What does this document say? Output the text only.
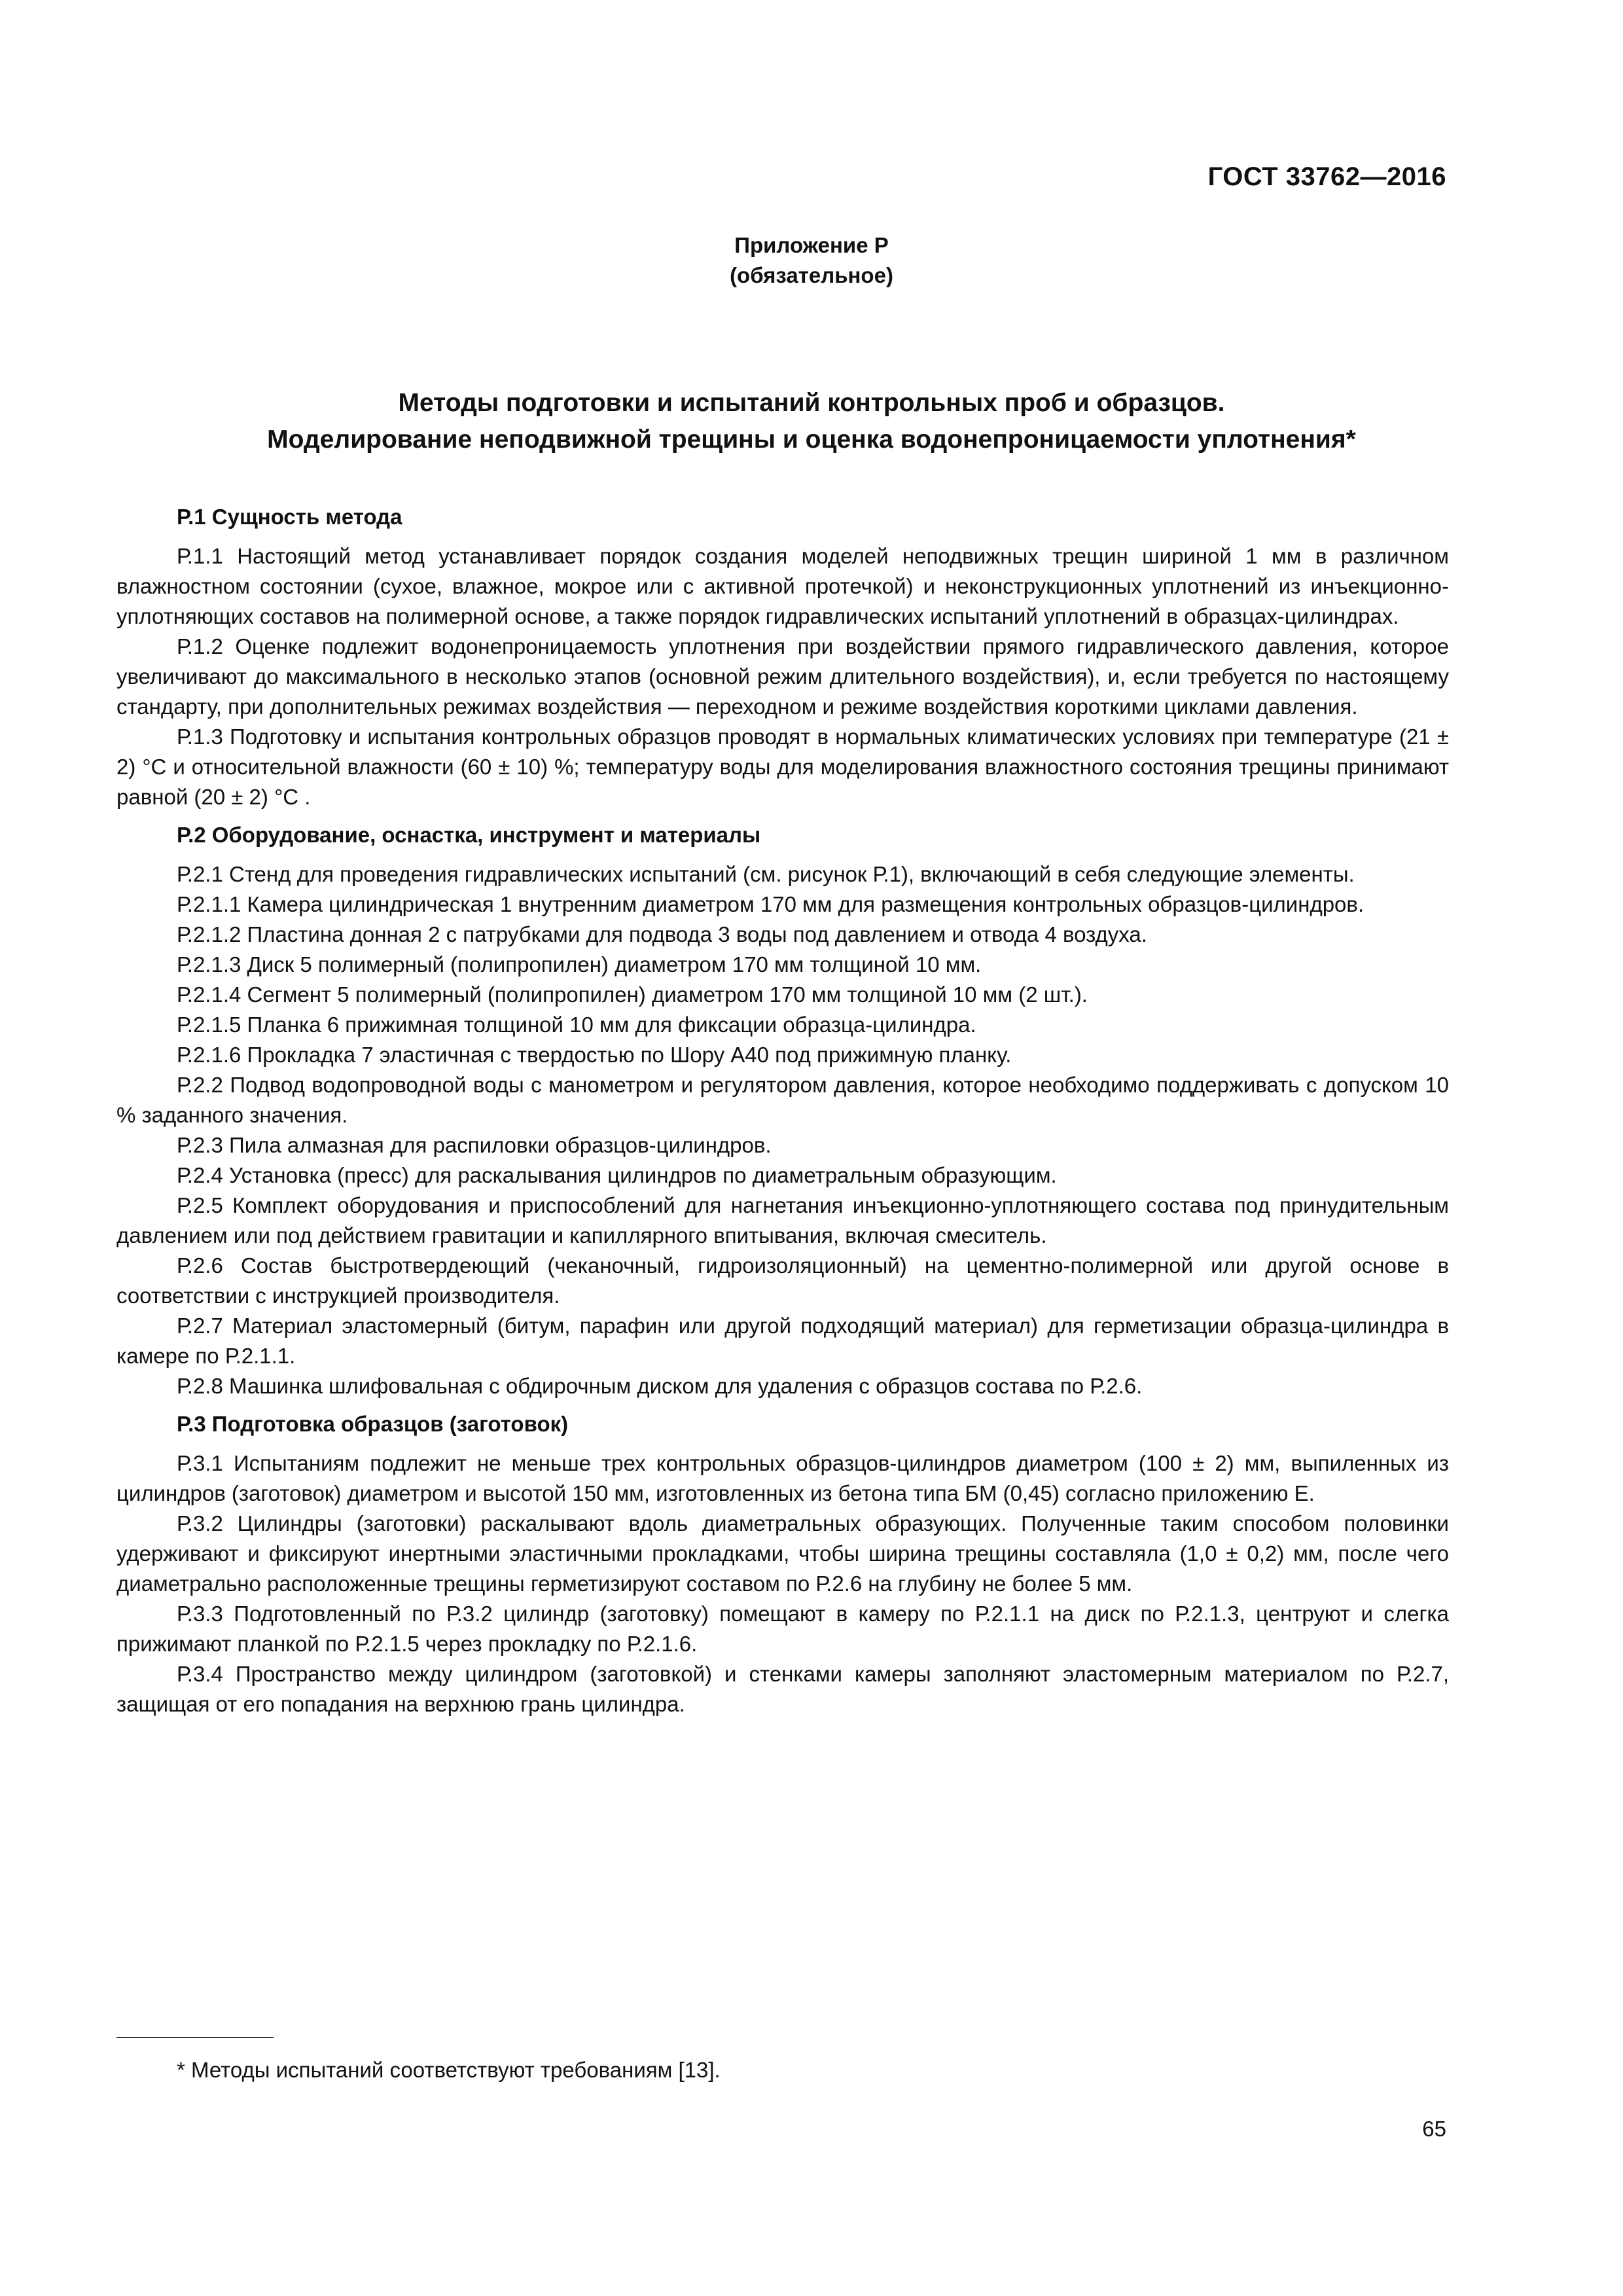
ГОСТ 33762—2016
Приложение Р
(обязательное)
Методы подготовки и испытаний контрольных проб и образцов.
Моделирование неподвижной трещины и оценка водонепроницаемости уплотнения*
Р.1 Сущность метода

Р.1.1 Настоящий метод устанавливает порядок создания моделей неподвижных трещин шириной 1 мм в различном влажностном состоянии (сухое, влажное, мокрое или с активной протечкой) и неконструкционных уплотнений из инъекционно-уплотняющих составов на полимерной основе, а также порядок гидравлических испытаний уплотнений в образцах-цилиндрах.

Р.1.2 Оценке подлежит водонепроницаемость уплотнения при воздействии прямого гидравлического давления, которое увеличивают до максимального в несколько этапов (основной режим длительного воздействия), и, если требуется по настоящему стандарту, при дополнительных режимах воздействия — переходном и режиме воздействия короткими циклами давления.

Р.1.3 Подготовку и испытания контрольных образцов проводят в нормальных климатических условиях при температуре (21 ± 2) °С и относительной влажности (60 ± 10) %; температуру воды для моделирования влажностного состояния трещины принимают равной (20 ± 2) °С .

Р.2 Оборудование, оснастка, инструмент и материалы

Р.2.1 Стенд для проведения гидравлических испытаний (см. рисунок Р.1), включающий в себя следующие элементы.

Р.2.1.1 Камера цилиндрическая 1 внутренним диаметром 170 мм для размещения контрольных образцов-цилиндров.

Р.2.1.2 Пластина донная 2 с патрубками для подвода 3 воды под давлением и отвода 4 воздуха.

Р.2.1.3 Диск 5 полимерный (полипропилен) диаметром 170 мм толщиной 10 мм.

Р.2.1.4 Сегмент 5 полимерный (полипропилен) диаметром 170 мм толщиной 10 мм (2 шт.).

Р.2.1.5 Планка 6 прижимная толщиной 10 мм для фиксации образца-цилиндра.

Р.2.1.6 Прокладка 7 эластичная с твердостью по Шору А40 под прижимную планку.

Р.2.2 Подвод водопроводной воды с манометром и регулятором давления, которое необходимо поддерживать с допуском 10 % заданного значения.

Р.2.3 Пила алмазная для распиловки образцов-цилиндров.

Р.2.4 Установка (пресс) для раскалывания цилиндров по диаметральным образующим.

Р.2.5 Комплект оборудования и приспособлений для нагнетания инъекционно-уплотняющего состава под принудительным давлением или под действием гравитации и капиллярного впитывания, включая смеситель.

Р.2.6 Состав быстротвердеющий (чеканочный, гидроизоляционный) на цементно-полимерной или другой основе в соответствии с инструкцией производителя.

Р.2.7 Материал эластомерный (битум, парафин или другой подходящий материал) для герметизации образца-цилиндра в камере по Р.2.1.1.

Р.2.8 Машинка шлифовальная с обдирочным диском для удаления с образцов состава по Р.2.6.

Р.3 Подготовка образцов (заготовок)

Р.3.1 Испытаниям подлежит не меньше трех контрольных образцов-цилиндров диаметром (100 ± 2) мм, выпиленных из цилиндров (заготовок) диаметром и высотой 150 мм, изготовленных из бетона типа БМ (0,45) согласно приложению Е.

Р.3.2 Цилиндры (заготовки) раскалывают вдоль диаметральных образующих. Полученные таким способом половинки удерживают и фиксируют инертными эластичными прокладками, чтобы ширина трещины составляла (1,0 ± 0,2) мм, после чего диаметрально расположенные трещины герметизируют составом по Р.2.6 на глубину не более 5 мм.

Р.3.3 Подготовленный по Р.3.2 цилиндр (заготовку) помещают в камеру по Р.2.1.1 на диск по Р.2.1.3, центруют и слегка прижимают планкой по Р.2.1.5 через прокладку по Р.2.1.6.

Р.3.4 Пространство между цилиндром (заготовкой) и стенками камеры заполняют эластомерным материалом по Р.2.7, защищая от его попадания на верхнюю грань цилиндра.

* Методы испытаний соответствуют требованиям [13].
65
